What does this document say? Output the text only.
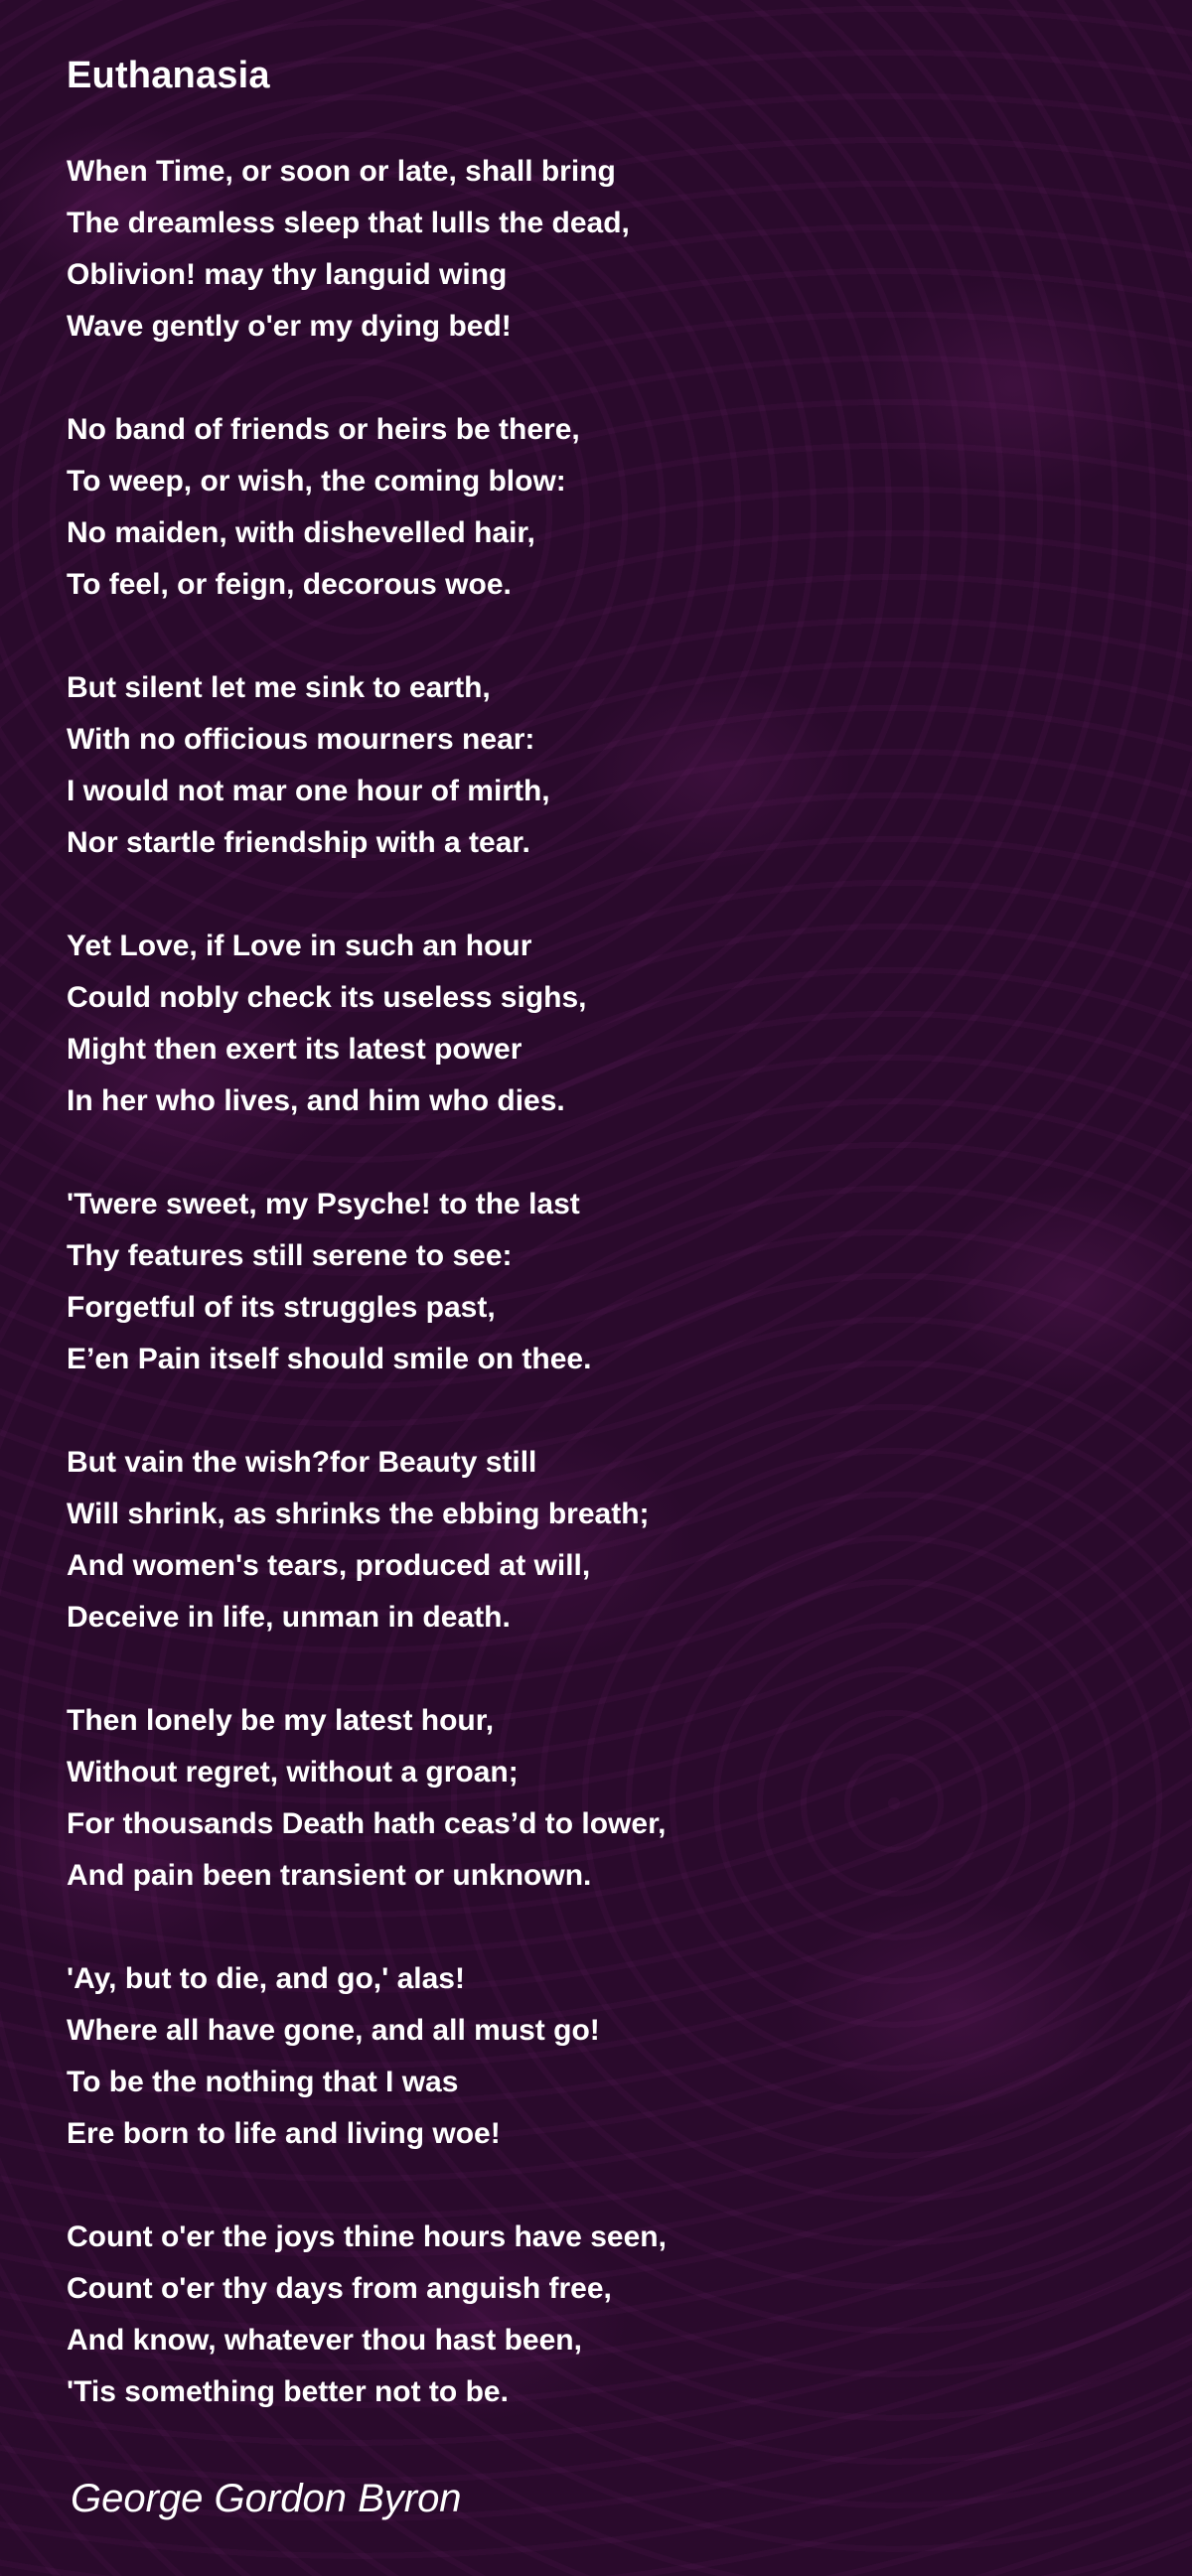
Euthanasia
When Time, or soon or late, shall bring
The dreamless sleep that lulls the dead,
Oblivion! may thy languid wing
Wave gently o'er my dying bed!
No band of friends or heirs be there,
To weep, or wish, the coming blow:
No maiden, with dishevelled hair,
To feel, or feign, decorous woe.
But silent let me sink to earth,
With no officious mourners near:
I would not mar one hour of mirth,
Nor startle friendship with a tear.
Yet Love, if Love in such an hour
Could nobly check its useless sighs,
Might then exert its latest power
In her who lives, and him who dies.
'Twere sweet, my Psyche! to the last
Thy features still serene to see:
Forgetful of its struggles past,
E’en Pain itself should smile on thee.
But vain the wish?for Beauty still
Will shrink, as shrinks the ebbing breath;
And women's tears, produced at will,
Deceive in life, unman in death.
Then lonely be my latest hour,
Without regret, without a groan;
For thousands Death hath ceas’d to lower,
And pain been transient or unknown.
'Ay, but to die, and go,' alas!
Where all have gone, and all must go!
To be the nothing that I was
Ere born to life and living woe!
Count o'er the joys thine hours have seen,
Count o'er thy days from anguish free,
And know, whatever thou hast been,
'Tis something better not to be.
George Gordon Byron
